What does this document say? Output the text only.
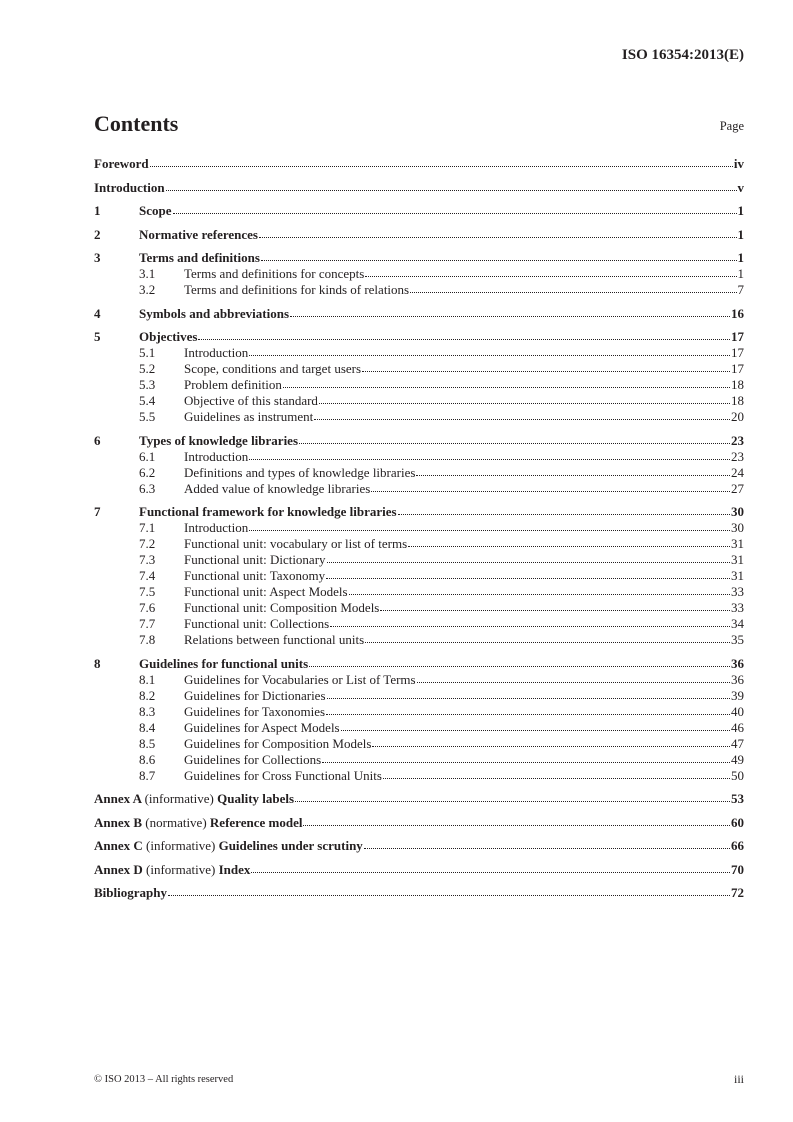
ISO 16354:2013(E)
Contents	Page
Foreword	iv
Introduction	v
1	Scope	1
2	Normative references	1
3	Terms and definitions	1
3.1	Terms and definitions for concepts	1
3.2	Terms and definitions for kinds of relations	7
4	Symbols and abbreviations	16
5	Objectives	17
5.1	Introduction	17
5.2	Scope, conditions and target users	17
5.3	Problem definition	18
5.4	Objective of this standard	18
5.5	Guidelines as instrument	20
6	Types of knowledge libraries	23
6.1	Introduction	23
6.2	Definitions and types of knowledge libraries	24
6.3	Added value of knowledge libraries	27
7	Functional framework for knowledge libraries	30
7.1	Introduction	30
7.2	Functional unit: vocabulary or list of terms	31
7.3	Functional unit: Dictionary	31
7.4	Functional unit: Taxonomy	31
7.5	Functional unit: Aspect Models	33
7.6	Functional unit: Composition Models	33
7.7	Functional unit: Collections	34
7.8	Relations between functional units	35
8	Guidelines for functional units	36
8.1	Guidelines for Vocabularies or List of Terms	36
8.2	Guidelines for Dictionaries	39
8.3	Guidelines for Taxonomies	40
8.4	Guidelines for Aspect Models	46
8.5	Guidelines for Composition Models	47
8.6	Guidelines for Collections	49
8.7	Guidelines for Cross Functional Units	50
Annex A (informative) Quality labels	53
Annex B (normative) Reference model	60
Annex C (informative) Guidelines under scrutiny	66
Annex D (informative) Index	70
Bibliography	72
© ISO 2013 – All rights reserved	iii
